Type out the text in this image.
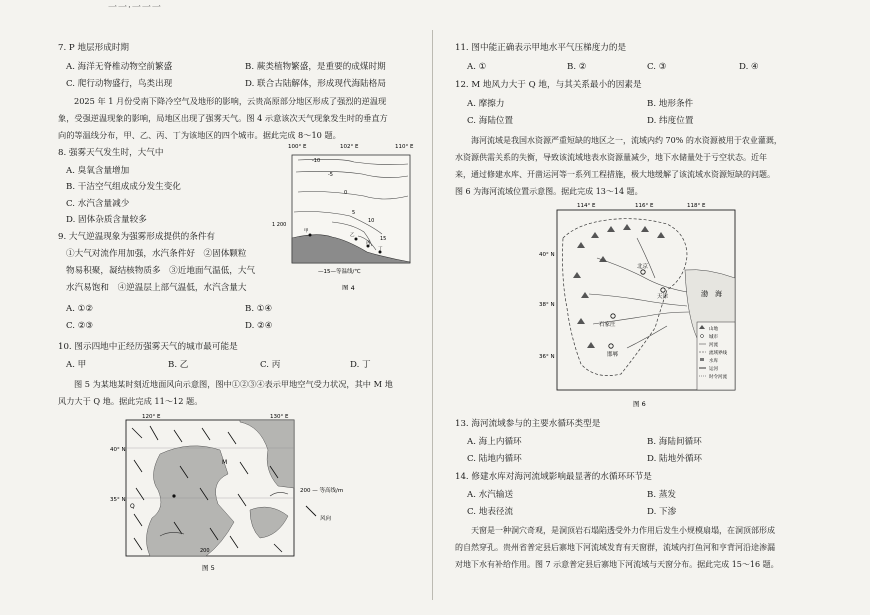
一一·一一一
7. P 地层形成时期
A. 海洋无脊椎动物空前繁盛	B. 蕨类植物繁盛，是重要的成煤时期
C. 爬行动物盛行，鸟类出现	D. 联合古陆解体，形成现代海陆格局
2025 年 1 月份受南下降冷空气及地形的影响，云贵高原部分地区形成了强烈的逆温现
象，受强逆温现象的影响，局地区出现了强雾天气。图 4 示意该次天气现象发生时的垂直方
向的等温线分布，甲、乙、丙、丁为该地区的四个城市。据此完成 8～10 题。
8. 强雾天气发生时，大气中
A. 臭氧含量增加
B. 干洁空气组成成分发生变化
C. 水汽含量减少
D. 固体杂质含量较多
9. 大气逆温现象为强雾形成提供的条件有
①大气对流作用加强，水汽条件好　②固体颗粒
物易积聚，凝结核物质多　③近地面气温低，大气
水汽易饱和　④逆温层上部气温低，水汽含量大
A. ①②	B. ①④
C. ②③	D. ②④
10. 图示四地中正经历强雾天气的城市最可能是
A. 甲	B. 乙	C. 丙	D. 丁
图 5 为某地某时刻近地面风向示意图，图中①②③④表示甲地空气受力状况，其中 M 地
风力大于 Q 地。据此完成 11～12 题。
100° E	102° E	110° E
1 200
-10
-5
0
5
10
15
甲
乙
丙
丁
—15—等温线/℃
图 4
Q
M
200
120° E	130° E
40° N
35° N
200 — 等高线/m
风向
图 5
11. 图中能正确表示甲地水平气压梯度力的是
A. ①	B. ②	C. ③	D. ④
12. M 地风力大于 Q 地，与其关系最小的因素是
A. 摩擦力	B. 地形条件
C. 海陆位置	D. 纬度位置
海河流域是我国水资源严重短缺的地区之一，流域内约 70% 的水资源被用于农业灌溉，
水资源供需关系的失衡，导致该流域地表水资源量减少，地下水储量处于亏空状态。近年
来，通过修建水库、开凿运河等一系列工程措施，极大地缓解了该流域水资源短缺的问题。
图 6 为海河流域位置示意图。据此完成 13～14 题。
北京
天津
石家庄
邯郸
渤　海
114° E	116° E	118° E
40° N
38° N
36° N
山地
城市
河流
流域界线
水库
运河
时令河流
图 6
13. 海河流域参与的主要水循环类型是
A. 海上内循环	B. 海陆间循环
C. 陆地内循环	D. 陆地外循环
14. 修建水库对海河流域影响最显著的水循环环节是
A. 水汽输送	B. 蒸发
C. 地表径流	D. 下渗
天窗是一种洞穴奇观，是洞顶岩石塌陷透受外力作用后发生小规模扇塌，在洞顶部形成
的自然穿孔。贵州省普定县后寨地下河流域发育有天窗群，流域内打鱼河和亨背河沿途渗漏
对地下水有补给作用。图 7 示意普定县后寨地下河流域与天窗分布。据此完成 15～16 题。
